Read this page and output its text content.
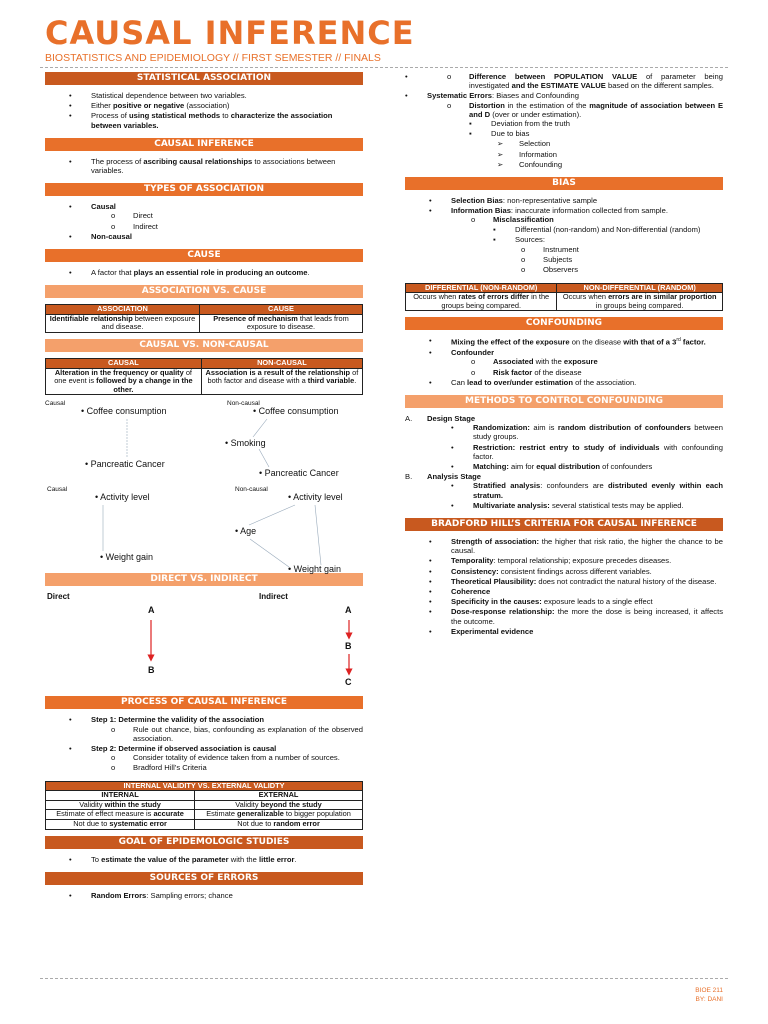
CAUSAL INFERENCE
BIOSTATISTICS AND EPIDEMIOLOGY // FIRST SEMESTER // FINALS
STATISTICAL ASSOCIATION
• Statistical dependence between two variables.
• Either positive or negative (association)
• Process of using statistical methods to characterize the association between variables.
CAUSAL INFERENCE
• The process of ascribing causal relationships to associations between variables.
TYPES OF ASSOCIATION
• Causal
o Direct
o Indirect
• Non-causal
CAUSE
• A factor that plays an essential role in producing an outcome.
ASSOCIATION VS. CAUSE
ASSOCIATION	CAUSE
Identifiable relationship between exposure and disease.	Presence of mechanism that leads from exposure to disease.
CAUSAL VS. NON-CAUSAL
CAUSAL	NON-CAUSAL
Alteration in the frequency or quality of one event is followed by a change in the other.	Association is a result of the relationship of both factor and disease with a third variable.
Causal
• Coffee consumption
• Pancreatic Cancer
Non-causal
• Coffee consumption
• Smoking
• Pancreatic Cancer
Causal
• Activity level
• Weight gain
Non-causal
• Activity level
• Age
• Weight gain
DIRECT VS. INDIRECT
Direct	Indirect
A
B
A
B
C
PROCESS OF CAUSAL INFERENCE
• Step 1: Determine the validity of the association
o Rule out chance, bias, confounding as explanation of the observed association.
• Step 2: Determine if observed association is causal
o Consider totality of evidence taken from a number of sources.
o Bradford Hill’s Criteria
INTERNAL VALIDITY VS. EXTERNAL VALIDTY	
INTERNAL	EXTERNAL
Validity within the study	Validity beyond the study
Estimate of effect measure is accurate	Estimate generalizable to bigger population
Not due to systematic error	Not due to random error
GOAL OF EPIDEMOLOGIC STUDIES
• To estimate the value of the parameter with the little error.
SOURCES OF ERRORS
• Random Errors: Sampling errors; chance
o • Difference between POPULATION VALUE of parameter being investigated and the ESTIMATE VALUE based on the different samples.
• Systematic Errors: Biases and Confounding
o Distortion in the estimation of the magnitude of association between E and D (over or under estimation).
▪ Deviation from the truth
▪ Due to bias
➢ Selection
➢ Information
➢ Confounding
BIAS
• Selection Bias: non-representative sample
• Information Bias: inaccurate information collected from sample.
o Misclassification
▪ Differential (non-random) and Non-differential (random)
▪ Sources:
o Instrument
o Subjects
o Observers
DIFFERENTIAL (NON-RANDOM)	NON-DIFFERENTIAL (RANDOM)
Occurs when rates of errors differ in the groups being compared.	Occurs when errors are in similar proportion in groups being compared.
CONFOUNDING
• Mixing the effect of the exposure on the disease with that of a 3rd factor.
• Confounder
o Associated with the exposure
o Risk factor of the disease
• Can lead to over/under estimation of the association.
METHODS TO CONTROL CONFOUNDING
A. Design Stage
• Randomization: aim is random distribution of confounders between study groups.
• Restriction: restrict entry to study of individuals with confounding factor.
• Matching: aim for equal distribution of confounders
B. Analysis Stage
• Stratified analysis: confounders are distributed evenly within each stratum.
• Multivariate analysis: several statistical tests may be applied.
BRADFORD HILL’S CRITERIA FOR CAUSAL INFERENCE
• Strength of association: the higher that risk ratio, the higher the chance to be causal.
• Temporality: temporal relationship; exposure precedes diseases.
• Consistency: consistent findings across different variables.
• Theoretical Plausibility: does not contradict the natural history of the disease.
• Coherence
• Specificity in the causes: exposure leads to a single effect
• Dose-response relationship: the more the dose is being increased, it affects the outcome.
• Experimental evidence
BIOE 211
BY: DANI
